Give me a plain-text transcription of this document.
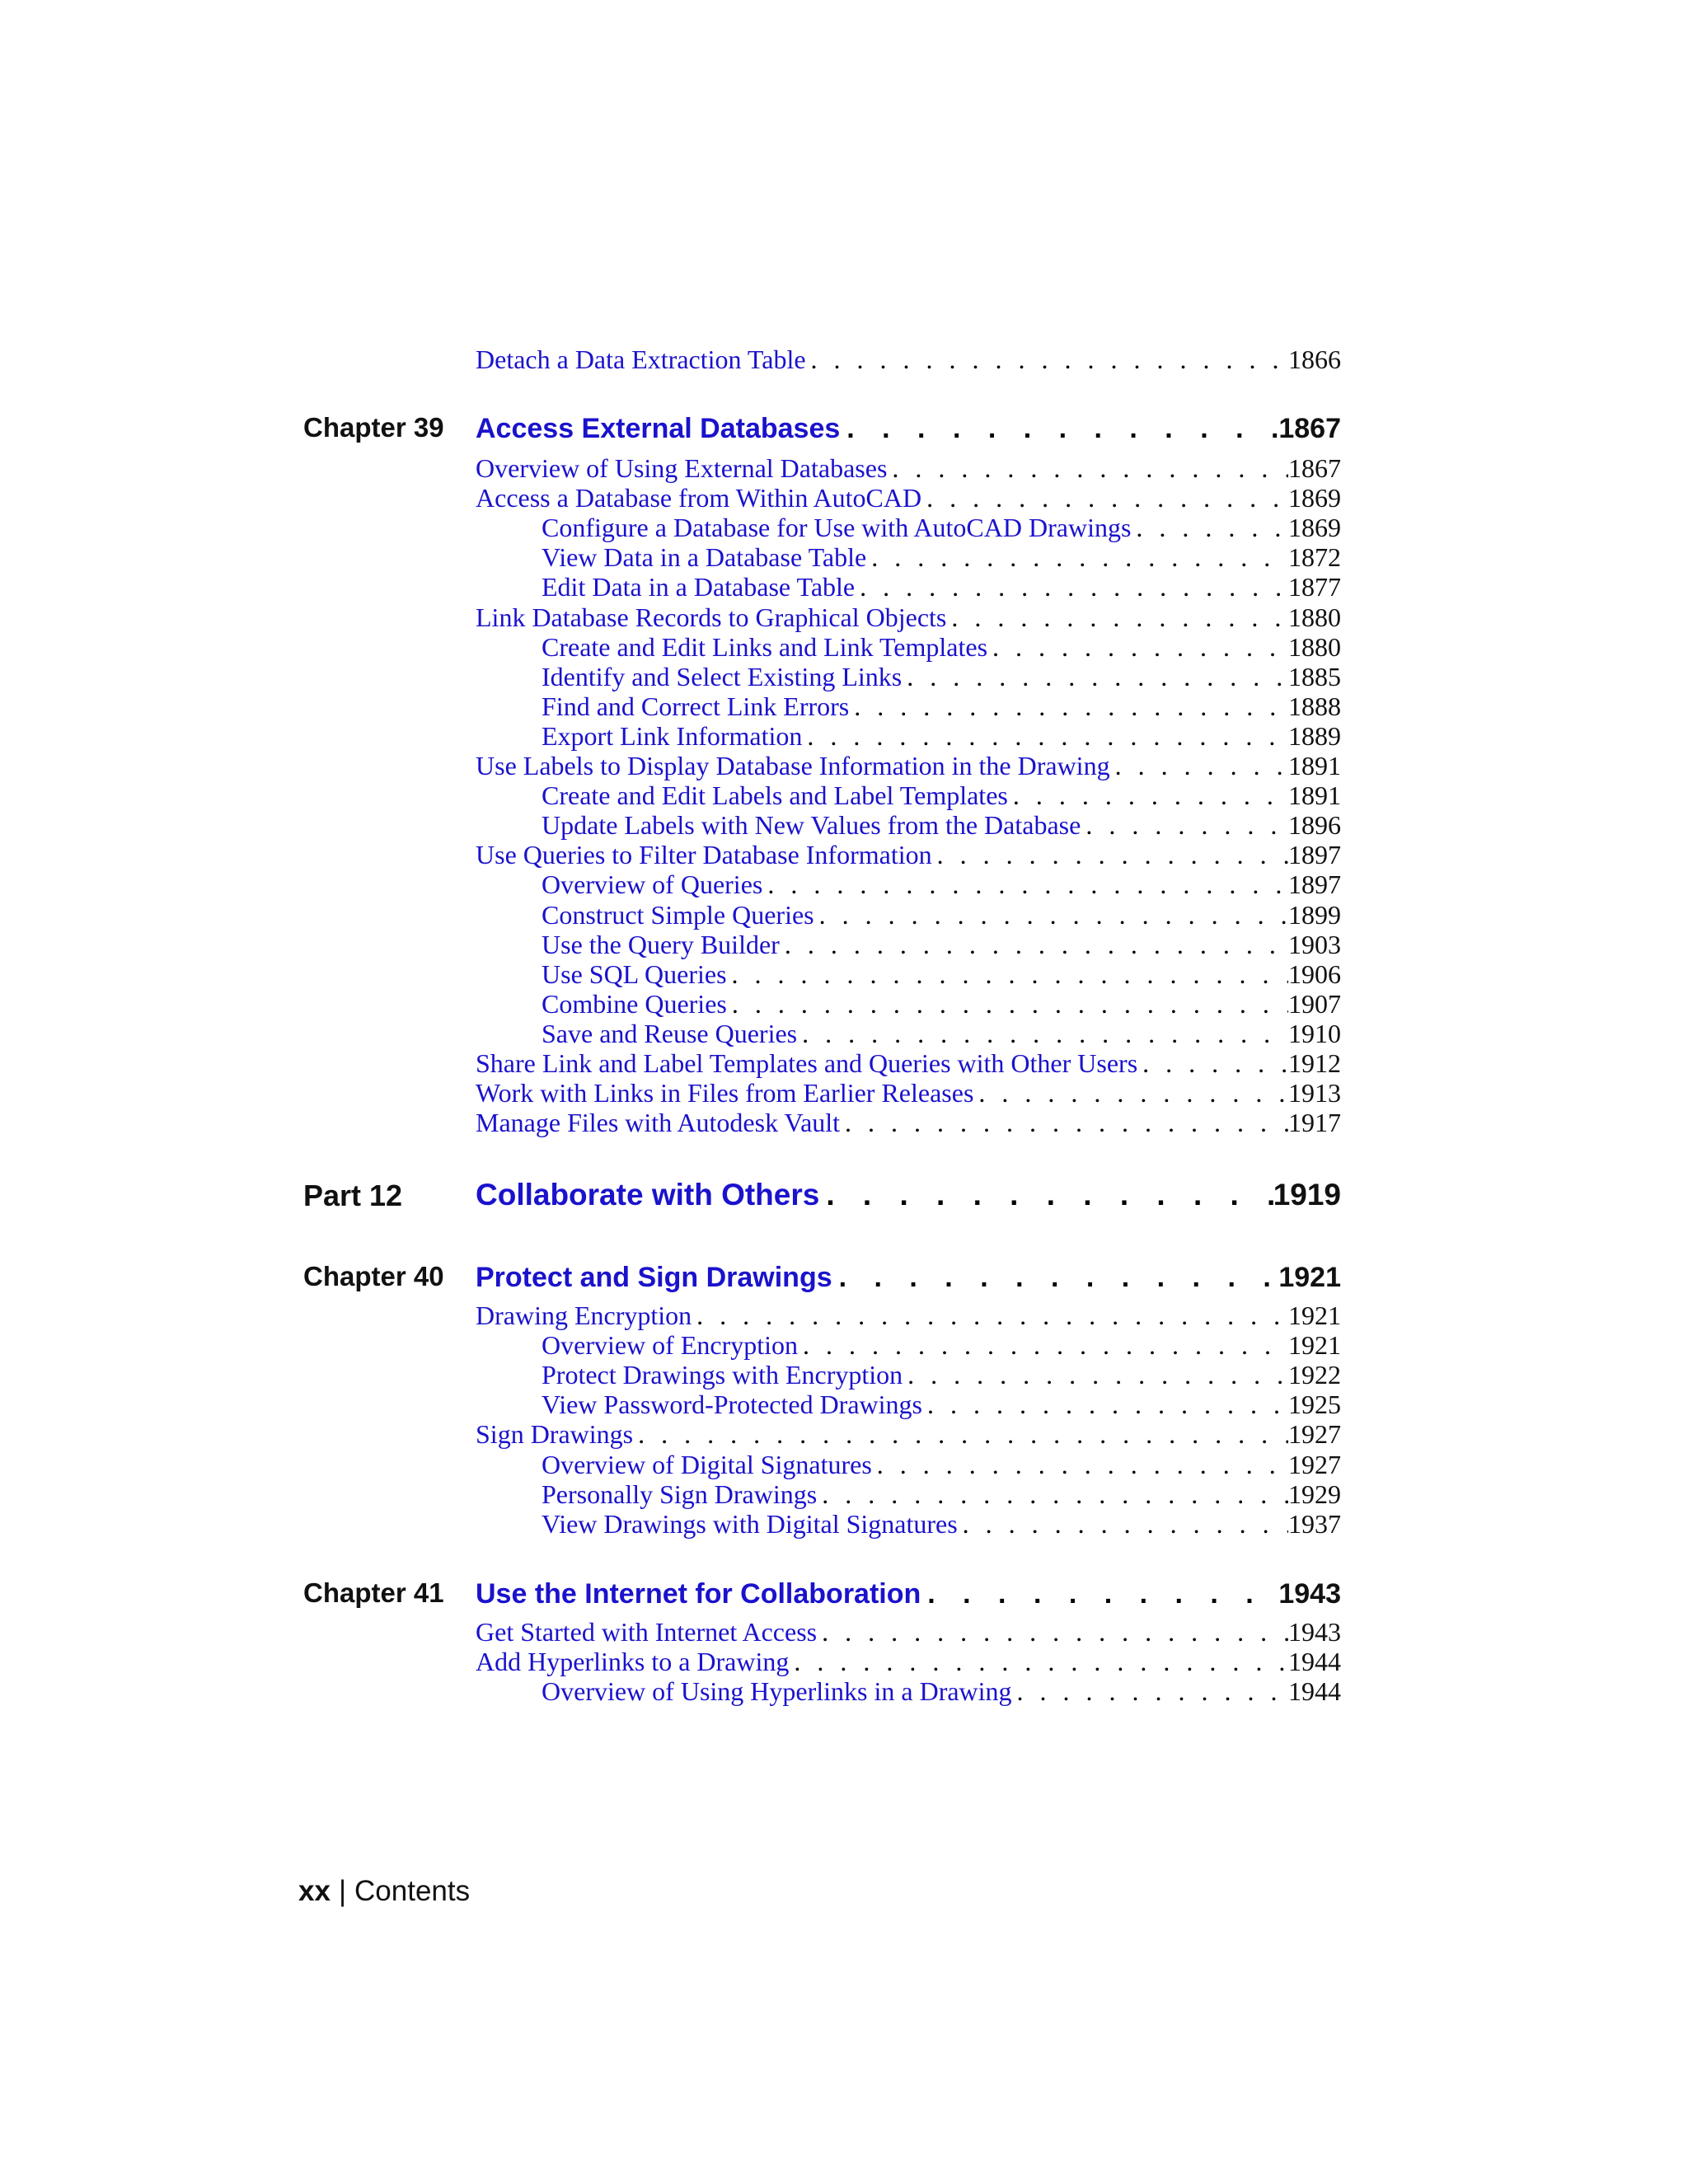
Detach a Data Extraction Table . . .	1866
Chapter 39 Access External Databases . . .	1867
Overview of Using External Databases . . .	1867
Access a Database from Within AutoCAD . . .	1869
Configure a Database for Use with AutoCAD Drawings . . .	1869
View Data in a Database Table . . .	1872
Edit Data in a Database Table . . .	1877
Link Database Records to Graphical Objects . . .	1880
Create and Edit Links and Link Templates . . .	1880
Identify and Select Existing Links . . .	1885
Find and Correct Link Errors . . .	1888
Export Link Information . . .	1889
Use Labels to Display Database Information in the Drawing . . .	1891
Create and Edit Labels and Label Templates . . .	1891
Update Labels with New Values from the Database . . .	1896
Use Queries to Filter Database Information . . .	1897
Overview of Queries . . .	1897
Construct Simple Queries . . .	1899
Use the Query Builder . . .	1903
Use SQL Queries . . .	1906
Combine Queries . . .	1907
Save and Reuse Queries . . .	1910
Share Link and Label Templates and Queries with Other Users . . .	1912
Work with Links in Files from Earlier Releases . . .	1913
Manage Files with Autodesk Vault . . .	1917
Part 12 Collaborate with Others . . .	1919
Chapter 40 Protect and Sign Drawings . . .	1921
Drawing Encryption . . .	1921
Overview of Encryption . . .	1921
Protect Drawings with Encryption . . .	1922
View Password-Protected Drawings . . .	1925
Sign Drawings . . .	1927
Overview of Digital Signatures . . .	1927
Personally Sign Drawings . . .	1929
View Drawings with Digital Signatures . . .	1937
Chapter 41 Use the Internet for Collaboration . . .	1943
Get Started with Internet Access . . .	1943
Add Hyperlinks to a Drawing . . .	1944
Overview of Using Hyperlinks in a Drawing . . .	1944
xx | Contents
